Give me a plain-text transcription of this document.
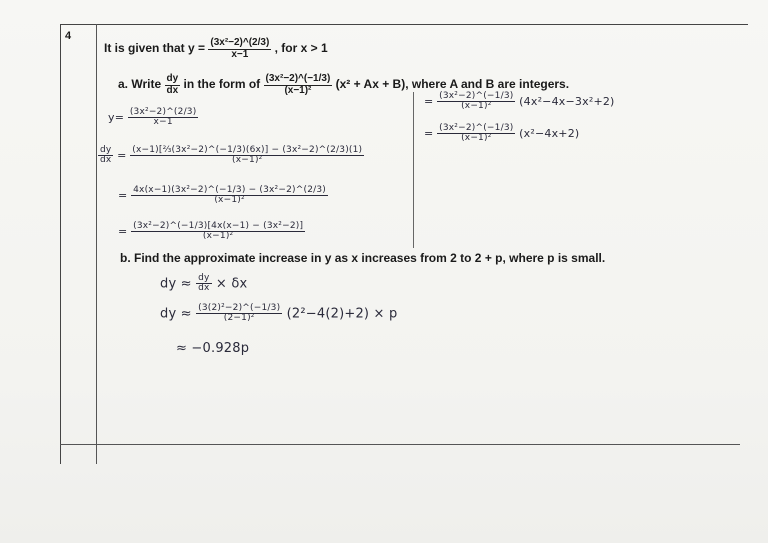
4
It is given that $y = \frac{\text{(3x²−2)\textasciicircum{}(2/3)}}{x-1}$ , for x > 1
a. Write $\frac{dy}{dx}$ in the form of $\frac{\text{(3x²−2)\textasciicircum{}(−1/3)}}{\text{(x−1)²}} (x^2 + Ax + B)$, where A and B are integers.
$y= \frac{\text{(3x²−2)\textasciicircum{}(2/3)}}{x-1}$
$\frac{dy}{dx} = \frac{\text{(x−1)[⅔(3x²−2)\textasciicircum{}(−1/3)(6x)] − (3x²−2)\textasciicircum{}(2/3)(1)}}{\text{(x−1)²}}$
= $\frac{\text{4x(x−1)(3x²−2)\textasciicircum{}(−1/3) − (3x²−2)\textasciicircum{}(2/3)}}{\text{(x−1)²}}$
= $\frac{\text{(3x²−2)\textasciicircum{}(−1/3)[4x(x−1) − (3x²−2)]}}{\text{(x−1)²}}$
= $\frac{\text{(3x²−2)\textasciicircum{}(−1/3)}}{\text{(x−1)²}} (4x^2-4x-3x^2+2)$
= $\frac{\text{(3x²−2)\textasciicircum{}(−1/3)}}{\text{(x−1)²}} (x^2-4x+2)$
b. Find the approximate increase in y as x increases from 2 to 2 + p, where p is small.
dy ≈ $\frac{dy}{dx} \times \delta x$
dy ≈ $\frac{\text{(3(2)²−2)\textasciicircum{}(−1/3)}}{\text{(2−1)²}} (2^2-4(2)+2) \times p$
≈ −0.928p
